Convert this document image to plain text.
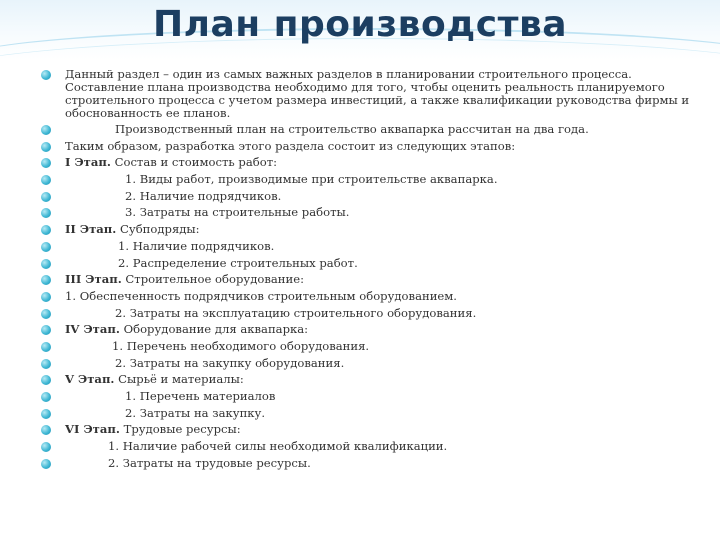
План производства
Данный раздел – один из самых важных разделов в планировании строительного процесса. Составление плана производства необходимо для того, чтобы оценить реальность планируемого строительного процесса с учетом размера инвестиций, а также квалификации руководства фирмы и обоснованность ее планов.
Производственный план на строительство аквапарка рассчитан на два года.
Таким образом, разработка этого раздела состоит из следующих этапов:
I Этап. Состав и стоимость работ:
1. Виды работ, производимые при строительстве аквапарка.
2. Наличие подрядчиков.
3. Затраты на строительные работы.
II Этап. Субподряды:
1. Наличие подрядчиков.
2. Распределение строительных работ.
III Этап. Строительное оборудование:
1. Обеспеченность подрядчиков строительным оборудованием.
2. Затраты на эксплуатацию строительного оборудования.
IV Этап. Оборудование для аквапарка:
1. Перечень необходимого оборудования.
2. Затраты на закупку оборудования.
V Этап. Сырьё и материалы:
1. Перечень материалов
2. Затраты на закупку.
VI Этап. Трудовые ресурсы:
1. Наличие рабочей силы необходимой квалификации.
2. Затраты на трудовые ресурсы.
